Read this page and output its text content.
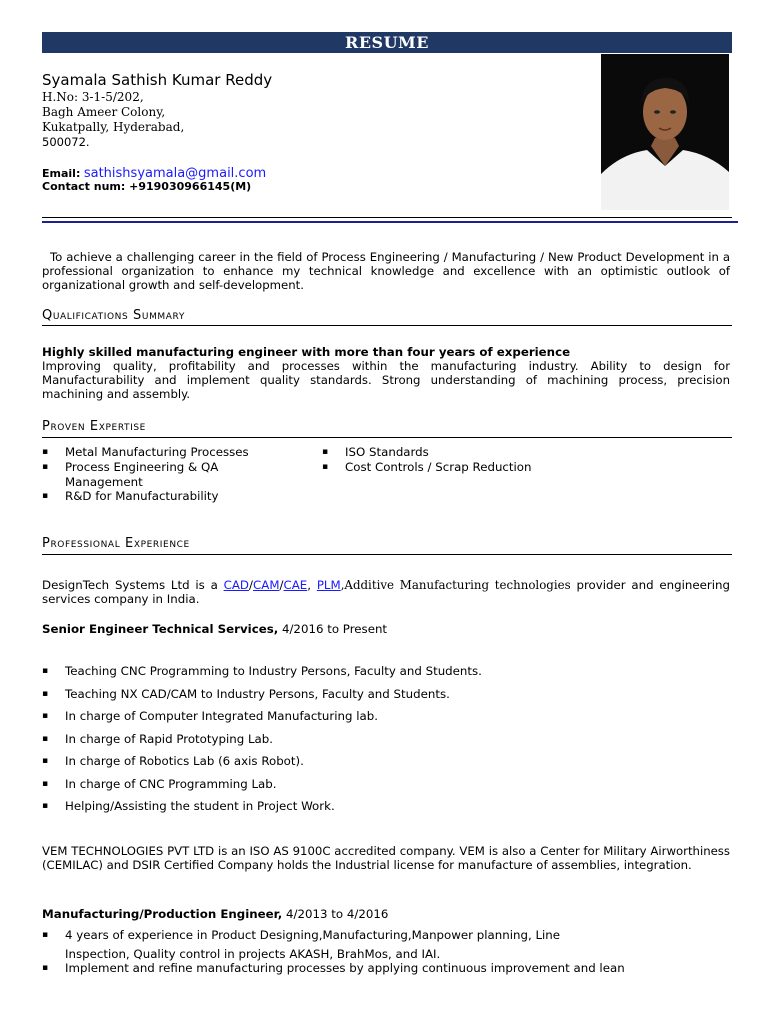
RESUME
Syamala Sathish Kumar Reddy
H.No: 3-1-5/202,
Bagh Ameer Colony,
Kukatpally, Hyderabad,
500072.
Email: sathishsyamala@gmail.com
Contact num: +919030966145(M)
To achieve a challenging career in the field of Process Engineering / Manufacturing / New Product Development in a professional organization to enhance my technical knowledge and excellence with an optimistic outlook of organizational growth and self-development.
Qualifications Summary
Highly skilled manufacturing engineer with more than four years of experience
Improving quality, profitability and processes within the manufacturing industry. Ability to design for Manufacturability and implement quality standards. Strong understanding of machining process, precision machining and assembly.
Proven Expertise
▪ Metal Manufacturing Processes
▪ Process Engineering & QA Management
▪ R&D for Manufacturability
▪ ISO Standards
▪ Cost Controls / Scrap Reduction
Professional Experience
DesignTech Systems Ltd is a CAD/CAM/CAE, PLM,Additive Manufacturing technologies provider and engineering services company in India.
Senior Engineer Technical Services, 4/2016 to Present
▪ Teaching CNC Programming to Industry Persons, Faculty and Students.
▪ Teaching NX CAD/CAM to Industry Persons, Faculty and Students.
▪ In charge of Computer Integrated Manufacturing lab.
▪ In charge of Rapid Prototyping Lab.
▪ In charge of Robotics Lab (6 axis Robot).
▪ In charge of CNC Programming Lab.
▪ Helping/Assisting the student in Project Work.
VEM TECHNOLOGIES PVT LTD is an ISO AS 9100C accredited company. VEM is also a Center for Military Airworthiness (CEMILAC) and DSIR Certified Company holds the Industrial license for manufacture of assemblies, integration.
Manufacturing/Production Engineer, 4/2013 to 4/2016
▪ 4 years of experience in Product Designing,Manufacturing,Manpower planning, Line
Inspection, Quality control in projects AKASH, BrahMos, and IAI.
▪ Implement and refine manufacturing processes by applying continuous improvement and lean
